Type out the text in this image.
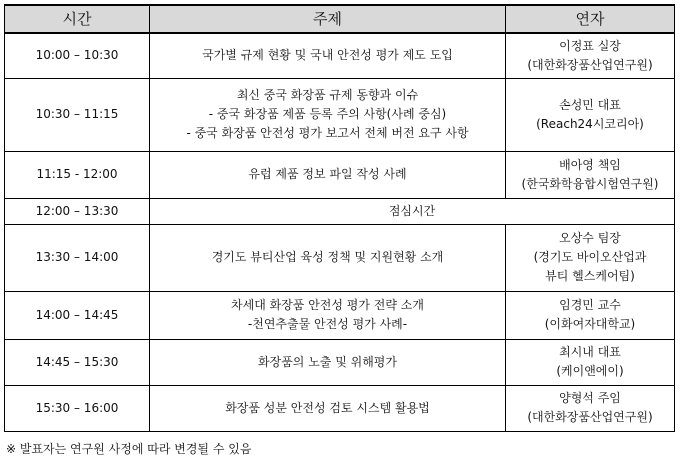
시간	주제	연자
10:00 – 10:30	국가별 규제 현황 및 국내 안전성 평가 제도 도입	이정표 실장
(대한화장품산업연구원)

10:30 – 11:15	최신 중국 화장품 규제 동향과 이슈
- 중국 화장품 제품 등록 주의 사항(사례 중심)
- 중국 화장품 안전성 평가 보고서 전체 버전 요구 사항	손성민 대표
(Reach24시코리아)

11:15 - 12:00	유럽 제품 정보 파일 작성 사례	배아영 책임
(한국화학융합시험연구원)

12:00 – 13:30	점심시간	
13:30 – 14:00	경기도 뷰티산업 육성 정책 및 지원현황 소개	오상수 팀장
(경기도 바이오산업과
뷰티 헬스케어팀)

14:00 – 14:45	차세대 화장품 안전성 평가 전략 소개
-천연추출물 안전성 평가 사례-	임경민 교수
(이화여자대학교)

14:45 – 15:30	화장품의 노출 및 위해평가	최시내 대표
(케이앤에이)

15:30 – 16:00	화장품 성분 안전성 검토 시스템 활용법	양형석 주임
(대한화장품산업연구원)
※ 발표자는 연구원 사정에 따라 변경될 수 있음
